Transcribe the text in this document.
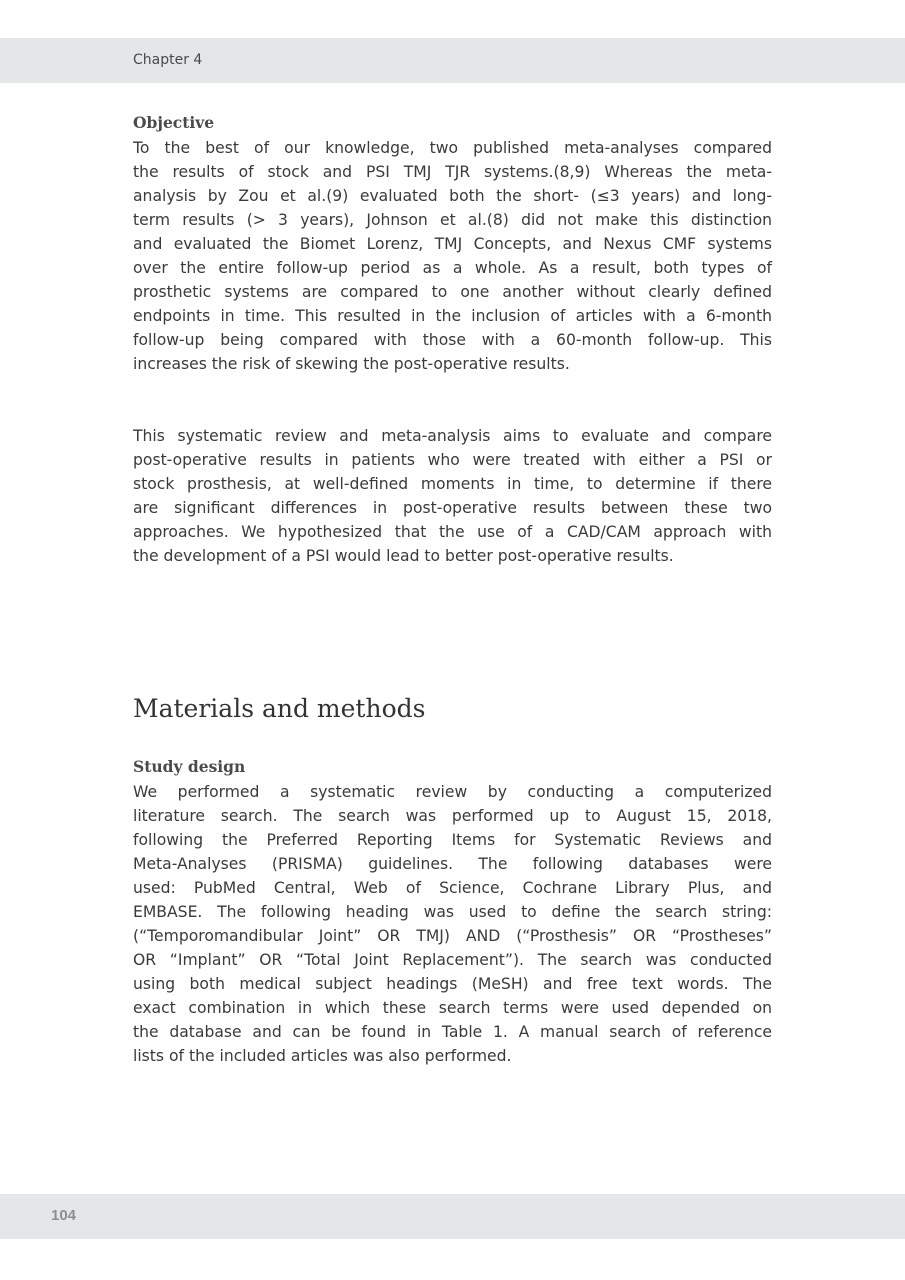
Chapter 4
Objective
To the best of our knowledge, two published meta-analyses compared
the results of stock and PSI TMJ TJR systems.(8,9) Whereas the meta-
analysis by Zou et al.(9) evaluated both the short- (≤3 years) and long-
term results (> 3 years), Johnson et al.(8) did not make this distinction
and evaluated the Biomet Lorenz, TMJ Concepts, and Nexus CMF systems
over the entire follow-up period as a whole. As a result, both types of
prosthetic systems are compared to one another without clearly defined
endpoints in time. This resulted in the inclusion of articles with a 6-month
follow-up being compared with those with a 60-month follow-up. This
increases the risk of skewing the post-operative results.
This systematic review and meta-analysis aims to evaluate and compare
post-operative results in patients who were treated with either a PSI or
stock prosthesis, at well-defined moments in time, to determine if there
are significant differences in post-operative results between these two
approaches. We hypothesized that the use of a CAD/CAM approach with
the development of a PSI would lead to better post-operative results.
Materials and methods
Study design
We performed a systematic review by conducting a computerized
literature search. The search was performed up to August 15, 2018,
following the Preferred Reporting Items for Systematic Reviews and
Meta-Analyses (PRISMA) guidelines. The following databases were
used: PubMed Central, Web of Science, Cochrane Library Plus, and
EMBASE. The following heading was used to define the search string:
(“Temporomandibular Joint” OR TMJ) AND (“Prosthesis” OR “Prostheses”
OR “Implant” OR “Total Joint Replacement”). The search was conducted
using both medical subject headings (MeSH) and free text words. The
exact combination in which these search terms were used depended on
the database and can be found in Table 1. A manual search of reference
lists of the included articles was also performed.
104
